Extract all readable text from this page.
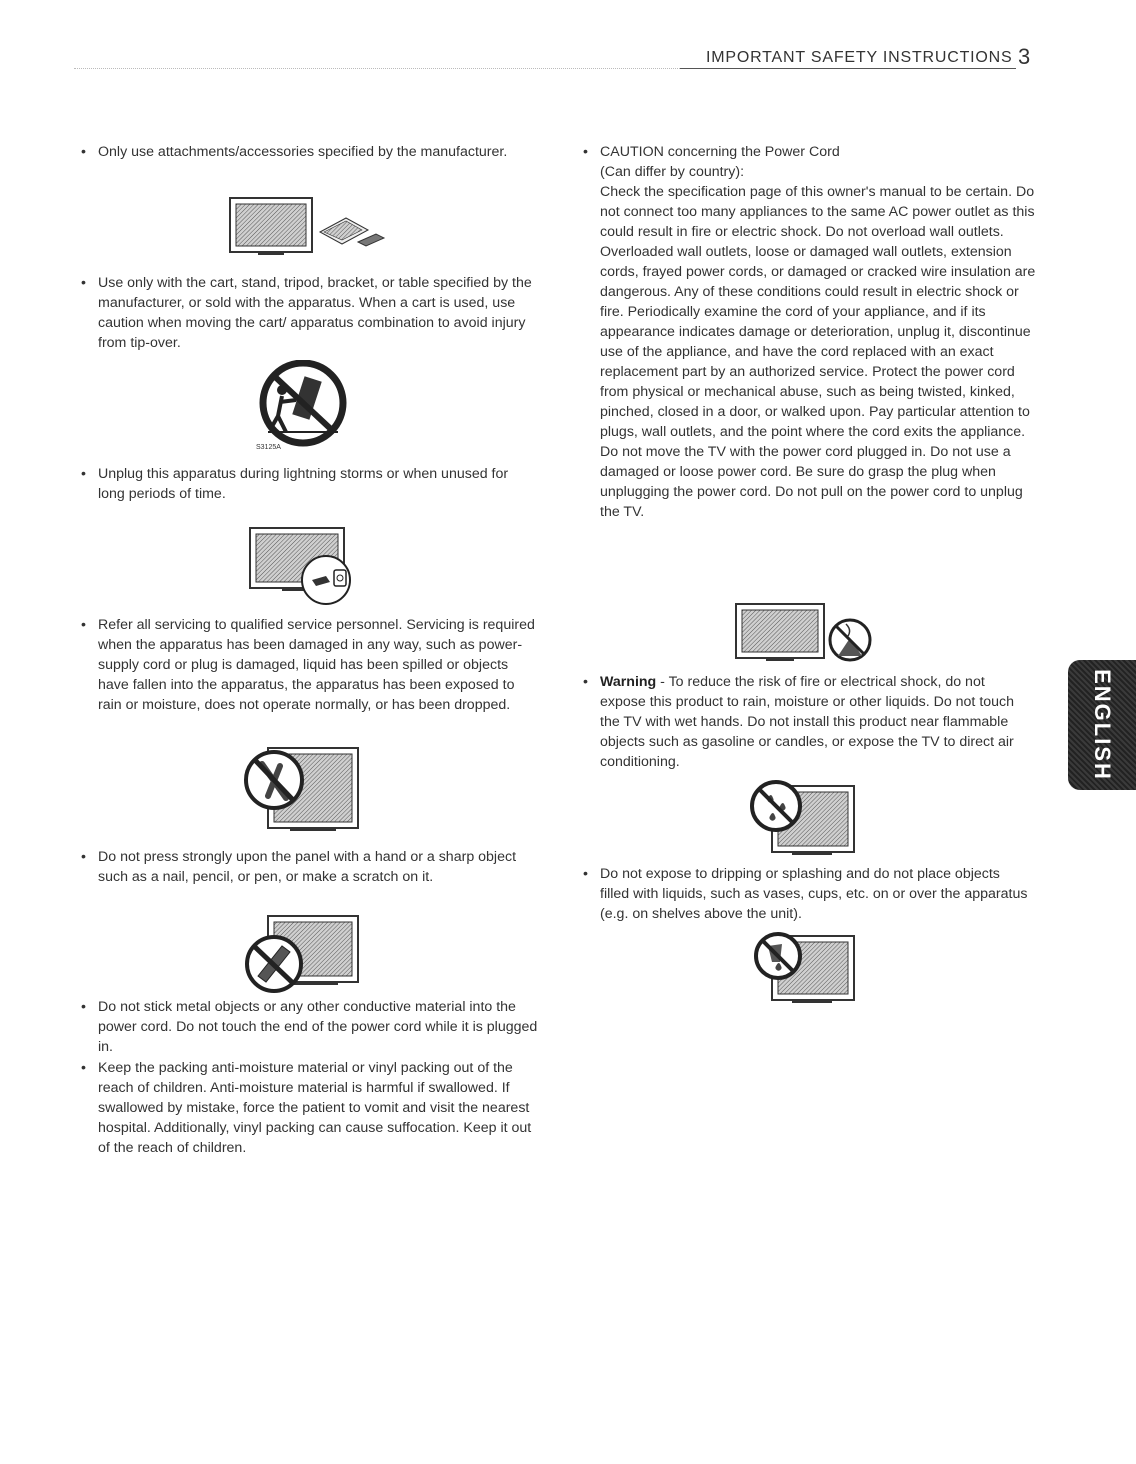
IMPORTANT SAFETY INSTRUCTIONS 3
ENGLISH

• Only use attachments/accessories specified by the manufacturer.

• Use only with the cart, stand, tripod, bracket, or table specified by the manufacturer, or sold with the apparatus. When a cart is used, use caution when moving the cart/ apparatus combination to avoid injury from tip-over.

S3125A

• Unplug this apparatus during lightning storms or when unused for long periods of time.

• Refer all servicing to qualified service personnel. Servicing is required when the apparatus has been damaged in any way, such as power-supply cord or plug is damaged, liquid has been spilled or objects have fallen into the apparatus, the apparatus has been exposed to rain or moisture, does not operate normally, or has been dropped.

• Do not press strongly upon the panel with a hand or a sharp object such as a nail, pencil, or pen, or make a scratch on it.

• Do not stick metal objects or any other conductive material into the power cord. Do not touch the end of the power cord while it is plugged in.

• Keep the packing anti-moisture material or vinyl packing out of the reach of children. Anti-moisture material is harmful if swallowed. If swallowed by mistake, force the patient to vomit and visit the nearest hospital. Additionally, vinyl packing can cause suffocation. Keep it out of the reach of children.

• CAUTION concerning the Power Cord

(Can differ by country):

Check the specification page of this owner's manual to be certain. Do not connect too many appliances to the same AC power outlet as this could result in fire or electric shock. Do not overload wall outlets. Overloaded wall outlets, loose or damaged wall outlets, extension cords, frayed power cords, or damaged or cracked wire insulation are dangerous. Any of these conditions could result in electric shock or fire. Periodically examine the cord of your appliance, and if its appearance indicates damage or deterioration, unplug it, discontinue use of the appliance, and have the cord replaced with an exact replacement part by an authorized service. Protect the power cord from physical or mechanical abuse, such as being twisted, kinked, pinched, closed in a door, or walked upon. Pay particular attention to plugs, wall outlets, and the point where the cord exits the appliance. Do not move the TV with the power cord plugged in. Do not use a damaged or loose power cord. Be sure do grasp the plug when unplugging the power cord. Do not pull on the power cord to unplug the TV.

• Warning - To reduce the risk of fire or electrical shock, do not expose this product to rain, moisture or other liquids. Do not touch the TV with wet hands. Do not install this product near flammable objects such as gasoline or candles, or expose the TV to direct air conditioning.

• Do not expose to dripping or splashing and do not place objects filled with liquids, such as vases, cups, etc. on or over the apparatus (e.g. on shelves above the unit).
